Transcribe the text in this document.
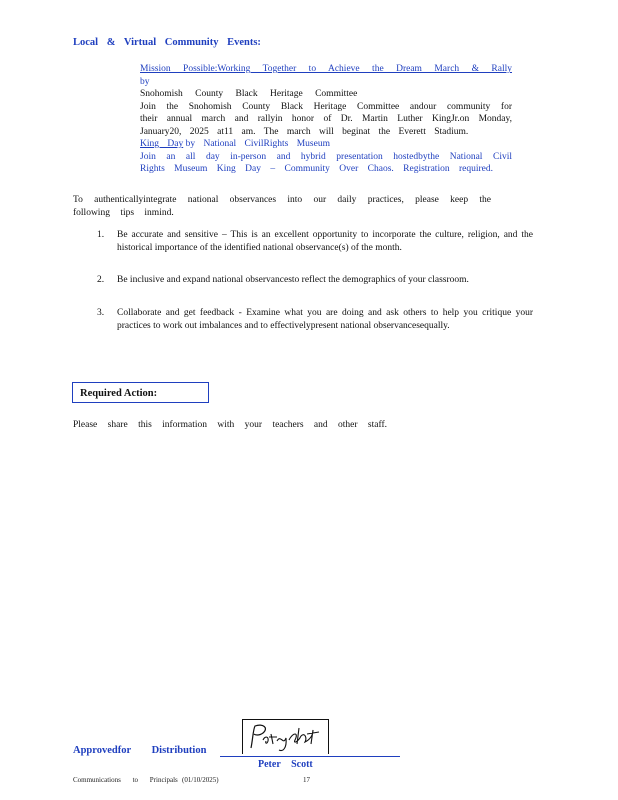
Local & Virtual Community Events:

Mission Possible:Working Together to Achieve the Dream March & Rally by

Snohomish County Black Heritage Committee

Join the Snohomish County Black Heritage Committee andour community for

their annual march and rallyin honor of Dr. Martin Luther KingJr.on Monday,

January20, 2025 at11 am. The march will beginat the Everett Stadium.

King Day by National CivilRights Museum

Join an all day in-person and hybrid presentation hostedbythe National Civil

Rights Museum King Day – Community Over Chaos. Registration required.

To authenticallyintegrate national observances into our daily practices, please keep the

following tips inmind.

1. Be accurate and sensitive – This is an excellent opportunity to incorporate the culture, religion, and the historical importance of the identified national observance(s) of the month.
2. Be inclusive and expand national observancesto reflect the demographics of your classroom.
3. Collaborate and get feedback - Examine what you are doing and ask others to help you critique your practices to work out imbalances and to effectivelypresent national observancesequally.
Required Action:
Please share this information with your teachers and other staff.
Approvedfor Distribution
Peter Scott
Communications to Principals (01/10/2025)	17
